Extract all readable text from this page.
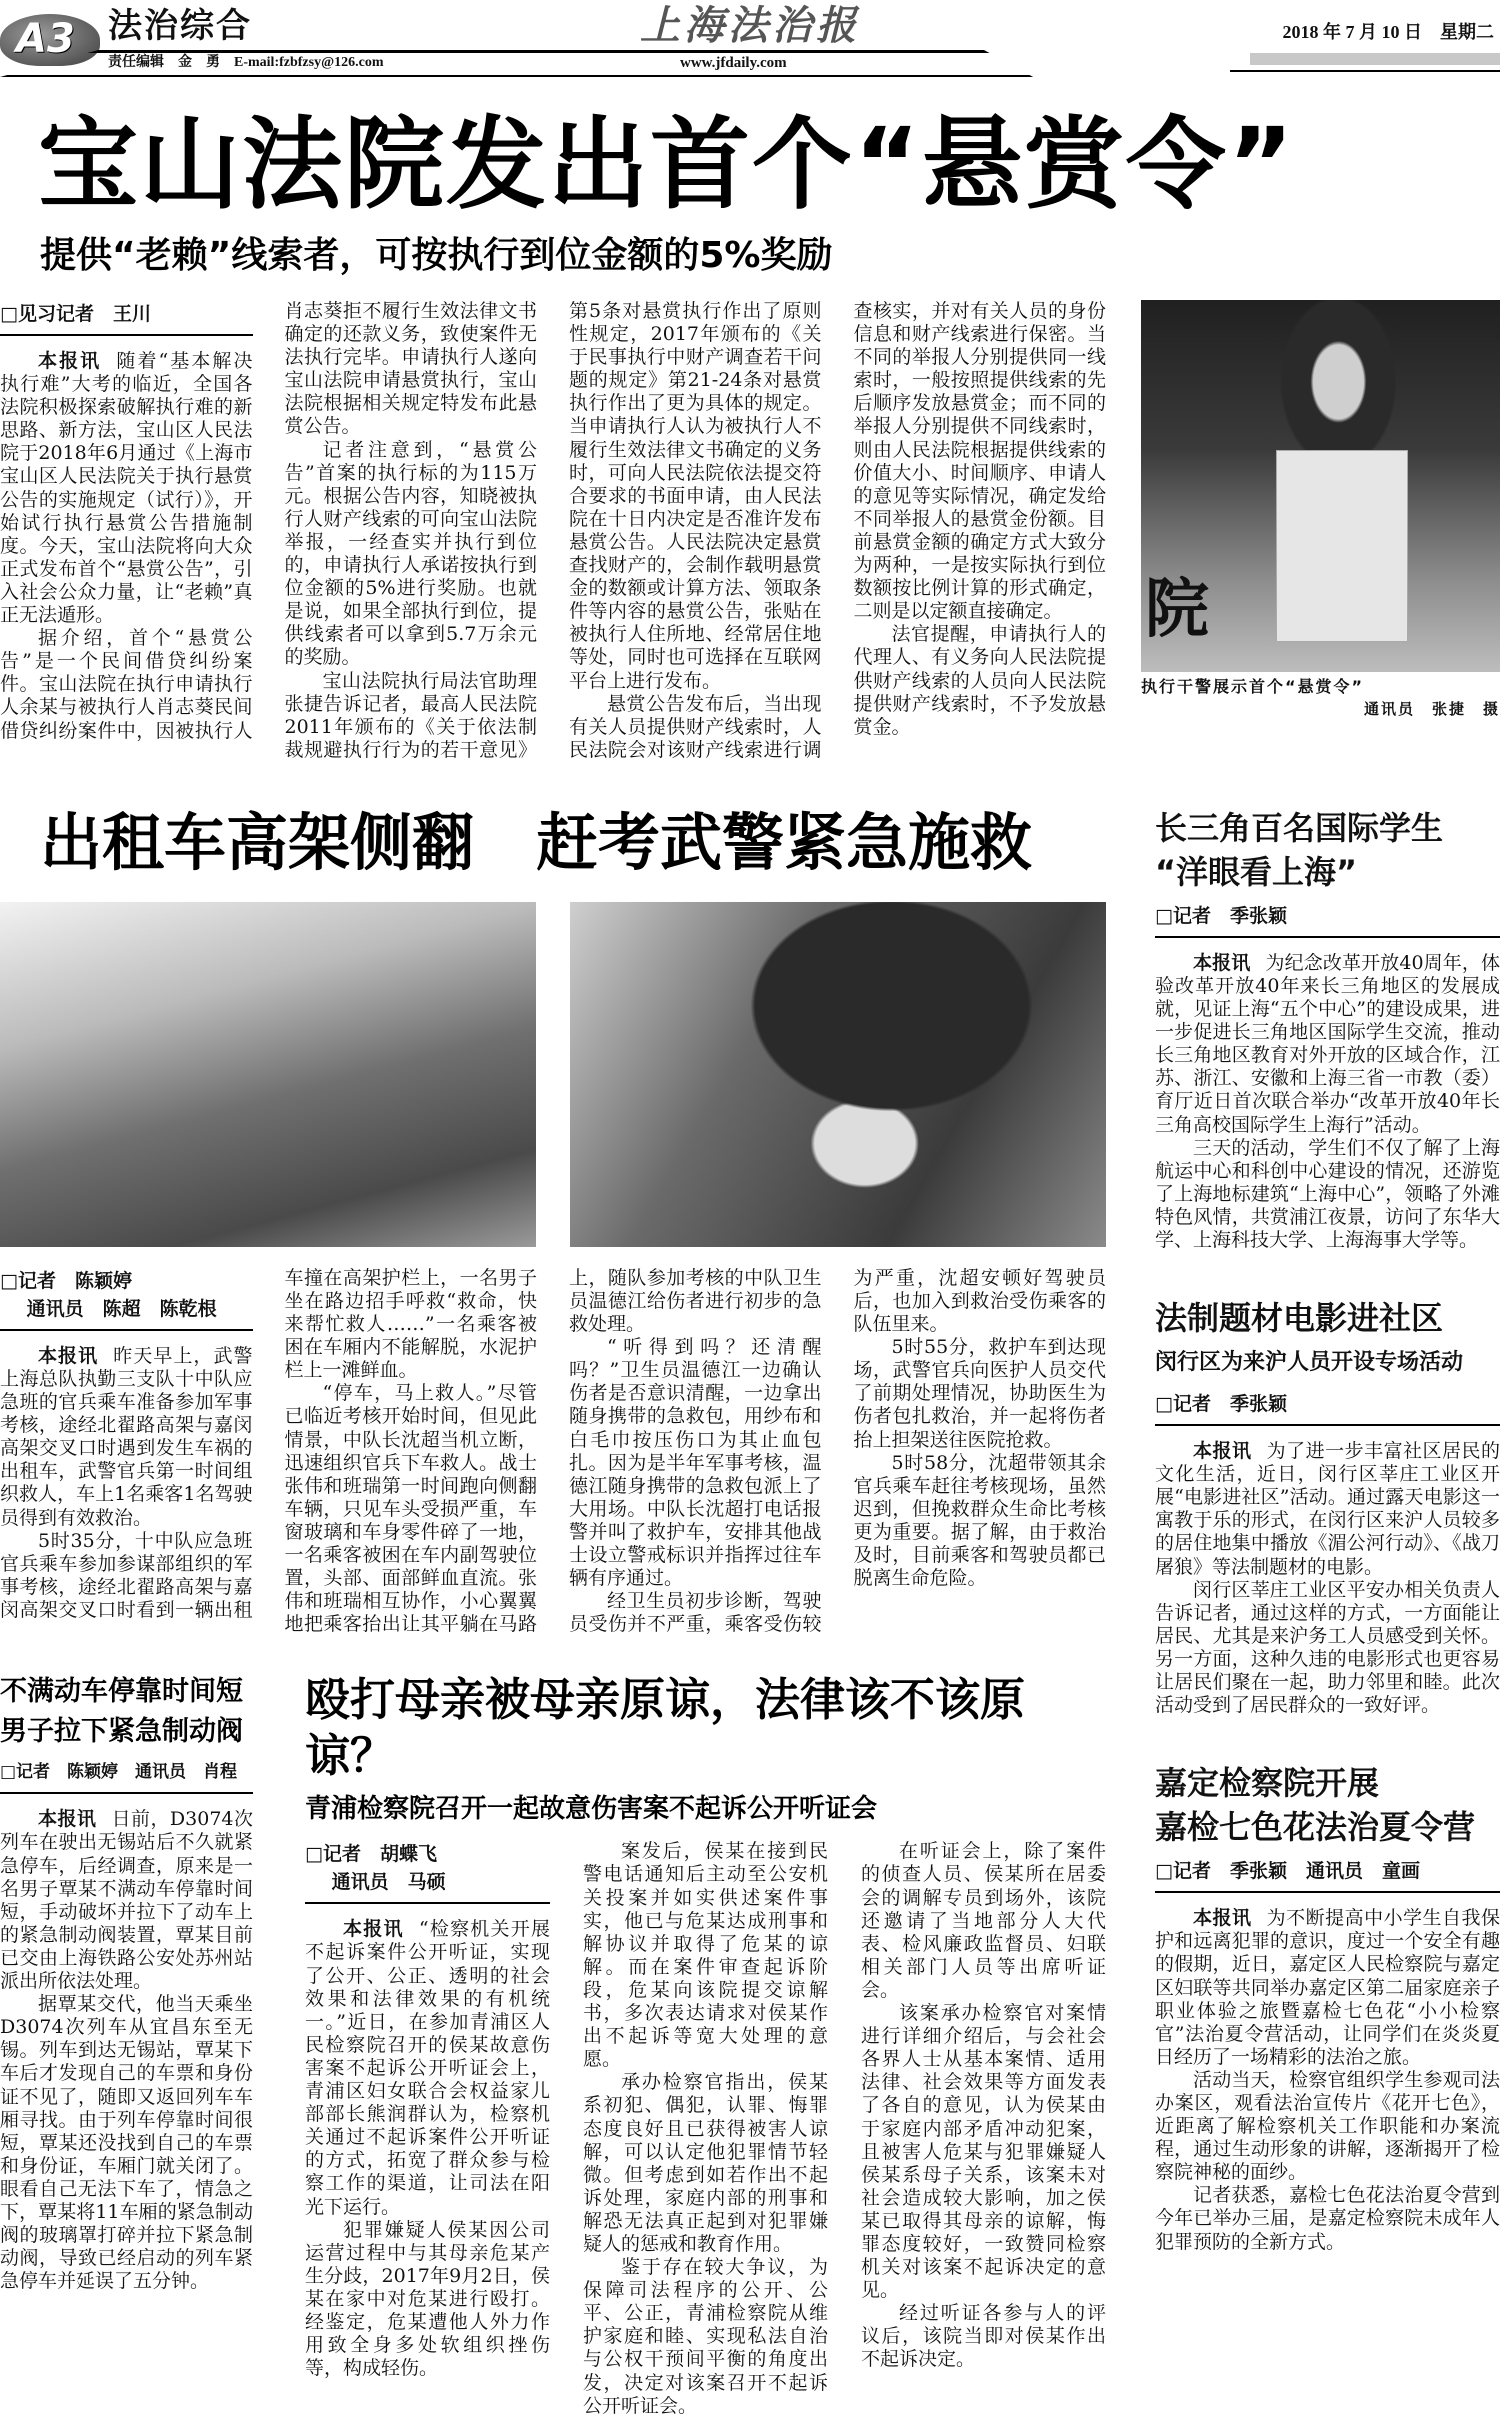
A3 法治综合	上海法治报	2018 年 7 月 10 日　星期二
责任编辑　金　勇　E-mail:fzbfzsy@126.com	www.jfdaily.com
宝山法院发出首个“悬赏令”
提供“老赖”线索者，可按执行到位金额的5%奖励
□见习记者　王川

本报讯 随着“基本解决执行难”大考的临近，全国各法院积极探索破解执行难的新思路、新方法，宝山区人民法院于2018年6月通过《上海市宝山区人民法院关于执行悬赏公告的实施规定（试行）》，开始试行执行悬赏公告措施制度。今天，宝山法院将向大众正式发布首个“悬赏公告”，引入社会公众力量，让“老赖”真正无法遁形。

据介绍，首个“悬赏公告”是一个民间借贷纠纷案件。宝山法院在执行申请执行人余某与被执行人肖志葵民间借贷纠纷案件中，因被执行人肖志葵拒不履行生效法律文书确定的还款义务，致使案件无法执行完毕。申请执行人遂向宝山法院申请悬赏执行，宝山法院根据相关规定特发布此悬赏公告。

记者注意到，“悬赏公告”首案的执行标的为115万元。根据公告内容，知晓被执行人财产线索的可向宝山法院举报，一经查实并执行到位的，申请执行人承诺按执行到位金额的5%进行奖励。也就是说，如果全部执行到位，提供线索者可以拿到5.7万余元的奖励。

宝山法院执行局法官助理张捷告诉记者，最高人民法院2011年颁布的《关于依法制裁规避执行行为的若干意见》第5条对悬赏执行作出了原则性规定，2017年颁布的《关于民事执行中财产调查若干问题的规定》第21-24条对悬赏执行作出了更为具体的规定。当申请执行人认为被执行人不履行生效法律文书确定的义务时，可向人民法院依法提交符合要求的书面申请，由人民法院在十日内决定是否准许发布悬赏公告。人民法院决定悬赏查找财产的，会制作载明悬赏金的数额或计算方法、领取条件等内容的悬赏公告，张贴在被执行人住所地、经常居住地等处，同时也可选择在互联网平台上进行发布。

悬赏公告发布后，当出现有关人员提供财产线索时，人民法院会对该财产线索进行调查核实，并对有关人员的身份信息和财产线索进行保密。当不同的举报人分别提供同一线索时，一般按照提供线索的先后顺序发放悬赏金；而不同的举报人分别提供不同线索时，则由人民法院根据提供线索的价值大小、时间顺序、申请人的意见等实际情况，确定发给不同举报人的悬赏金份额。目前悬赏金额的确定方式大致分为两种，一是按实际执行到位数额按比例计算的形式确定，二则是以定额直接确定。

法官提醒，申请执行人的代理人、有义务向人民法院提供财产线索的人员向人民法院提供财产线索时，不予发放悬赏金。

院
执行干警展示首个“悬赏令”
通讯员　张捷　摄
出租车高架侧翻　赶考武警紧急施救
□记者　陈颖婷
通讯员　陈超　陈乾根

本报讯 昨天早上，武警上海总队执勤三支队十中队应急班的官兵乘车准备参加军事考核，途经北翟路高架与嘉闵高架交叉口时遇到发生车祸的出租车，武警官兵第一时间组织救人，车上1名乘客1名驾驶员得到有效救治。

5时35分，十中队应急班官兵乘车参加参谋部组织的军事考核，途经北翟路高架与嘉闵高架交叉口时看到一辆出租车撞在高架护栏上，一名男子坐在路边招手呼救“救命，快来帮忙救人……”一名乘客被困在车厢内不能解脱，水泥护栏上一滩鲜血。

“停车，马上救人。”尽管已临近考核开始时间，但见此情景，中队长沈超当机立断，迅速组织官兵下车救人。战士张伟和班瑞第一时间跑向侧翻车辆，只见车头受损严重，车窗玻璃和车身零件碎了一地，一名乘客被困在车内副驾驶位置，头部、面部鲜血直流。张伟和班瑞相互协作，小心翼翼地把乘客抬出让其平躺在马路上，随队参加考核的中队卫生员温德江给伤者进行初步的急救处理。

“听得到吗？还清醒吗？”卫生员温德江一边确认伤者是否意识清醒，一边拿出随身携带的急救包，用纱布和白毛巾按压伤口为其止血包扎。因为是半年军事考核，温德江随身携带的急救包派上了大用场。中队长沈超打电话报警并叫了救护车，安排其他战士设立警戒标识并指挥过往车辆有序通过。

经卫生员初步诊断，驾驶员受伤并不严重，乘客受伤较为严重，沈超安顿好驾驶员后，也加入到救治受伤乘客的队伍里来。

5时55分，救护车到达现场，武警官兵向医护人员交代了前期处理情况，协助医生为伤者包扎救治，并一起将伤者抬上担架送往医院抢救。

5时58分，沈超带领其余官兵乘车赶往考核现场，虽然迟到，但挽救群众生命比考核更为重要。据了解，由于救治及时，目前乘客和驾驶员都已脱离生命危险。

不满动车停靠时间短
男子拉下紧急制动阀
□记者　陈颖婷　通讯员　肖程

本报讯 日前，D3074次列车在驶出无锡站后不久就紧急停车，后经调查，原来是一名男子覃某不满动车停靠时间短，手动破坏并拉下了动车上的紧急制动阀装置，覃某目前已交由上海铁路公安处苏州站派出所依法处理。

据覃某交代，他当天乘坐D3074次列车从宜昌东至无锡。列车到达无锡站，覃某下车后才发现自己的车票和身份证不见了，随即又返回列车车厢寻找。由于列车停靠时间很短，覃某还没找到自己的车票和身份证，车厢门就关闭了。眼看自己无法下车了，情急之下，覃某将11车厢的紧急制动阀的玻璃罩打碎并拉下紧急制动阀，导致已经启动的列车紧急停车并延误了五分钟。

殴打母亲被母亲原谅，法律该不该原谅？
青浦检察院召开一起故意伤害案不起诉公开听证会
□记者　胡蝶飞
通讯员　马硕

本报讯 “检察机关开展不起诉案件公开听证，实现了公开、公正、透明的社会效果和法律效果的有机统一。”近日，在参加青浦区人民检察院召开的侯某故意伤害案不起诉公开听证会上，青浦区妇女联合会权益家儿部部长熊润群认为，检察机关通过不起诉案件公开听证的方式，拓宽了群众参与检察工作的渠道，让司法在阳光下运行。

犯罪嫌疑人侯某因公司运营过程中与其母亲危某产生分歧，2017年9月2日，侯某在家中对危某进行殴打。经鉴定，危某遭他人外力作用致全身多处软组织挫伤等，构成轻伤。

案发后，侯某在接到民警电话通知后主动至公安机关投案并如实供述案件事实，他已与危某达成刑事和解协议并取得了危某的谅解。而在案件审查起诉阶段，危某向该院提交谅解书，多次表达请求对侯某作出不起诉等宽大处理的意愿。

承办检察官指出，侯某系初犯、偶犯，认罪、悔罪态度良好且已获得被害人谅解，可以认定他犯罪情节轻微。但考虑到如若作出不起诉处理，家庭内部的刑事和解恐无法真正起到对犯罪嫌疑人的惩戒和教育作用。

鉴于存在较大争议，为保障司法程序的公开、公平、公正，青浦检察院从维护家庭和睦、实现私法自治与公权干预间平衡的角度出发，决定对该案召开不起诉公开听证会。

在听证会上，除了案件的侦查人员、侯某所在居委会的调解专员到场外，该院还邀请了当地部分人大代表、检风廉政监督员、妇联相关部门人员等出席听证会。

该案承办检察官对案情进行详细介绍后，与会社会各界人士从基本案情、适用法律、社会效果等方面发表了各自的意见，认为侯某由于家庭内部矛盾冲动犯案，且被害人危某与犯罪嫌疑人侯某系母子关系，该案未对社会造成较大影响，加之侯某已取得其母亲的谅解，悔罪态度较好，一致赞同检察机关对该案不起诉决定的意见。

经过听证各参与人的评议后，该院当即对侯某作出不起诉决定。

长三角百名国际学生
“洋眼看上海”
□记者　季张颖

本报讯 为纪念改革开放40周年，体验改革开放40年来长三角地区的发展成就，见证上海“五个中心”的建设成果，进一步促进长三角地区国际学生交流，推动长三角地区教育对外开放的区域合作，江苏、浙江、安徽和上海三省一市教（委）育厅近日首次联合举办“改革开放40年长三角高校国际学生上海行”活动。

三天的活动，学生们不仅了解了上海航运中心和科创中心建设的情况，还游览了上海地标建筑“上海中心”，领略了外滩特色风情，共赏浦江夜景，访问了东华大学、上海科技大学、上海海事大学等。

法制题材电影进社区
闵行区为来沪人员开设专场活动
□记者　季张颖

本报讯 为了进一步丰富社区居民的文化生活，近日，闵行区莘庄工业区开展“电影进社区”活动。通过露天电影这一寓教于乐的形式，在闵行区来沪人员较多的居住地集中播放《湄公河行动》、《战刀屠狼》等法制题材的电影。

闵行区莘庄工业区平安办相关负责人告诉记者，通过这样的方式，一方面能让居民、尤其是来沪务工人员感受到关怀。另一方面，这种久违的电影形式也更容易让居民们聚在一起，助力邻里和睦。此次活动受到了居民群众的一致好评。

嘉定检察院开展
嘉检七色花法治夏令营
□记者　季张颖　通讯员　童画

本报讯 为不断提高中小学生自我保护和远离犯罪的意识，度过一个安全有趣的假期，近日，嘉定区人民检察院与嘉定区妇联等共同举办嘉定区第二届家庭亲子职业体验之旅暨嘉检七色花“小小检察官”法治夏令营活动，让同学们在炎炎夏日经历了一场精彩的法治之旅。

活动当天，检察官组织学生参观司法办案区，观看法治宣传片《花开七色》，近距离了解检察机关工作职能和办案流程，通过生动形象的讲解，逐渐揭开了检察院神秘的面纱。

记者获悉，嘉检七色花法治夏令营到今年已举办三届，是嘉定检察院未成年人犯罪预防的全新方式。
